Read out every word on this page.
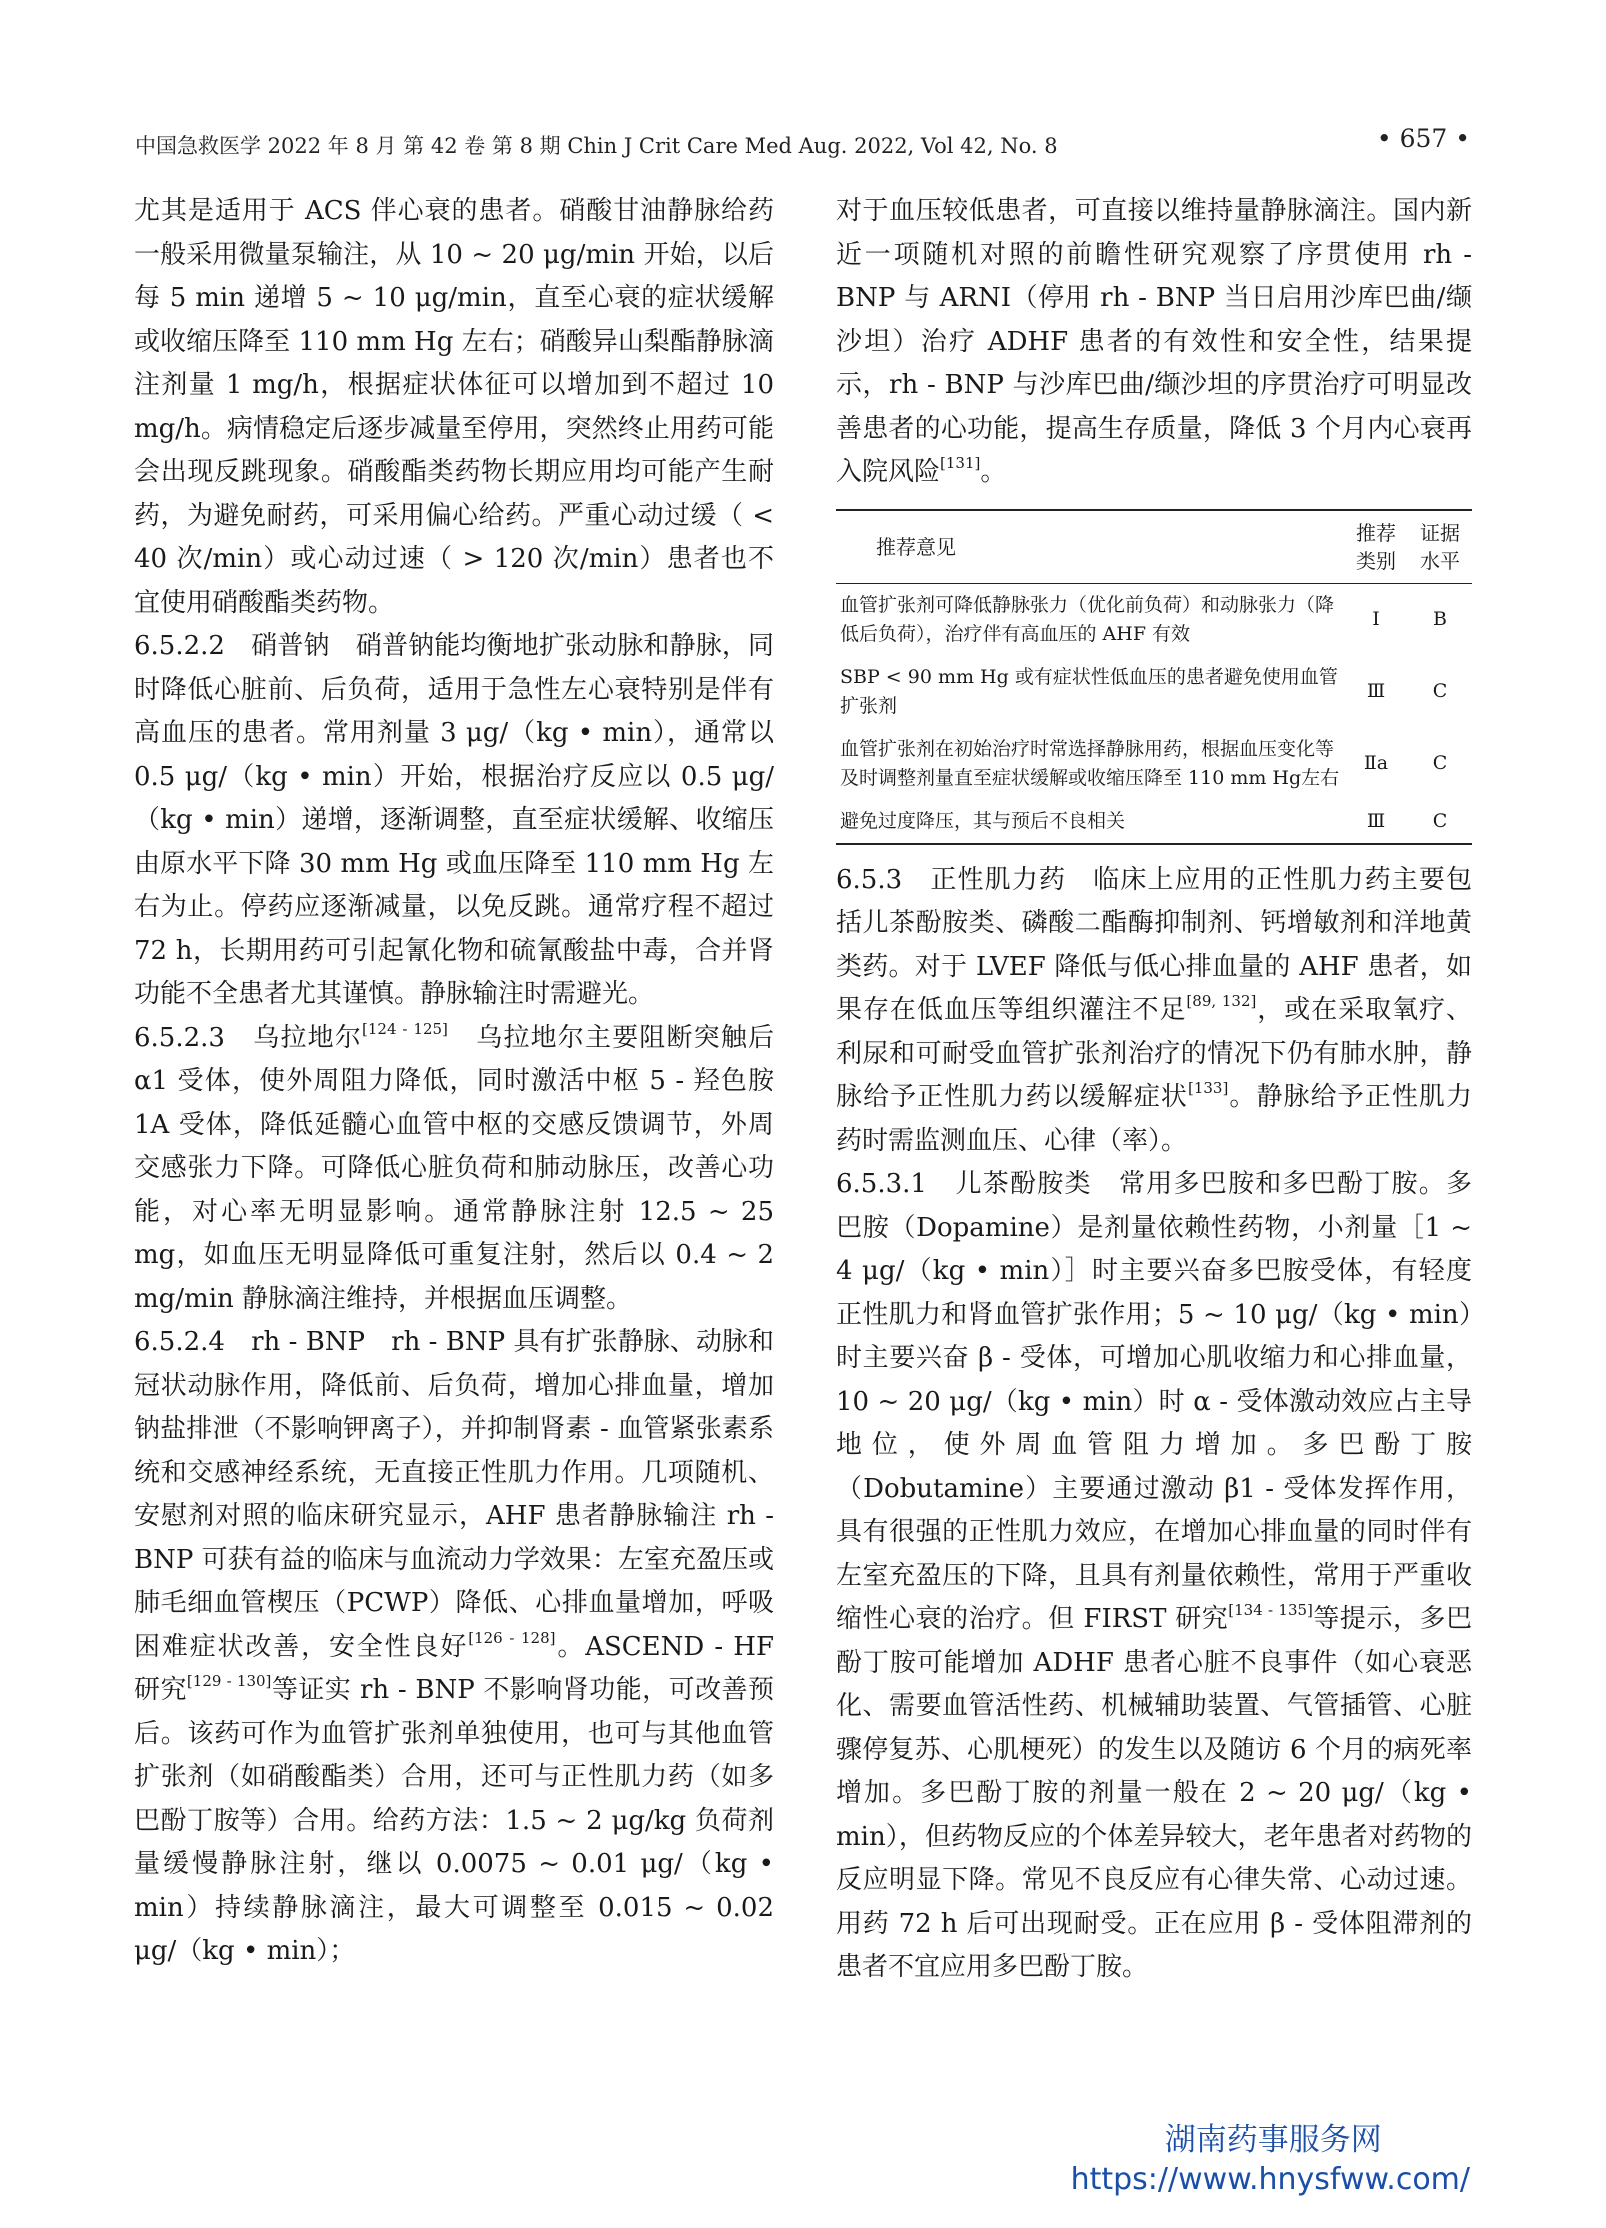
中国急救医学 2022 年 8 月 第 42 卷 第 8 期 Chin J Crit Care Med Aug. 2022, Vol 42, No. 8	• 657 •

尤其是适用于 ACS 伴心衰的患者。硝酸甘油静脉给药一般采用微量泵输注，从 10 ~ 20 μg/min 开始，以后每 5 min 递增 5 ~ 10 μg/min，直至心衰的症状缓解或收缩压降至 110 mm Hg 左右；硝酸异山梨酯静脉滴注剂量 1 mg/h，根据症状体征可以增加到不超过 10 mg/h。病情稳定后逐步减量至停用，突然终止用药可能会出现反跳现象。硝酸酯类药物长期应用均可能产生耐药，为避免耐药，可采用偏心给药。严重心动过缓（ < 40 次/min）或心动过速（ > 120 次/min）患者也不宜使用硝酸酯类药物。

6.5.2.2　硝普钠　硝普钠能均衡地扩张动脉和静脉，同时降低心脏前、后负荷，适用于急性左心衰特别是伴有高血压的患者。常用剂量 3 μg/（kg • min），通常以 0.5 μg/（kg • min）开始，根据治疗反应以 0.5 μg/（kg • min）递增，逐渐调整，直至症状缓解、收缩压由原水平下降 30 mm Hg 或血压降至 110 mm Hg 左右为止。停药应逐渐减量，以免反跳。通常疗程不超过 72 h，长期用药可引起氰化物和硫氰酸盐中毒，合并肾功能不全患者尤其谨慎。静脉输注时需避光。

6.5.2.3　乌拉地尔[124 - 125]　乌拉地尔主要阻断突触后 α1 受体，使外周阻力降低，同时激活中枢 5 - 羟色胺 1A 受体，降低延髓心血管中枢的交感反馈调节，外周交感张力下降。可降低心脏负荷和肺动脉压，改善心功能，对心率无明显影响。通常静脉注射 12.5 ~ 25 mg，如血压无明显降低可重复注射，然后以 0.4 ~ 2 mg/min 静脉滴注维持，并根据血压调整。

6.5.2.4　rh - BNP　rh - BNP 具有扩张静脉、动脉和冠状动脉作用，降低前、后负荷，增加心排血量，增加钠盐排泄（不影响钾离子），并抑制肾素 - 血管紧张素系统和交感神经系统，无直接正性肌力作用。几项随机、安慰剂对照的临床研究显示，AHF 患者静脉输注 rh - BNP 可获有益的临床与血流动力学效果：左室充盈压或肺毛细血管楔压（PCWP）降低、心排血量增加，呼吸困难症状改善，安全性良好[126 - 128]。ASCEND - HF 研究[129 - 130]等证实 rh - BNP 不影响肾功能，可改善预后。该药可作为血管扩张剂单独使用，也可与其他血管扩张剂（如硝酸酯类）合用，还可与正性肌力药（如多巴酚丁胺等）合用。给药方法：1.5 ~ 2 μg/kg 负荷剂量缓慢静脉注射，继以 0.0075 ~ 0.01 μg/（kg • min）持续静脉滴注，最大可调整至 0.015 ~ 0.02 μg/（kg • min）；

对于血压较低患者，可直接以维持量静脉滴注。国内新近一项随机对照的前瞻性研究观察了序贯使用 rh - BNP 与 ARNI（停用 rh - BNP 当日启用沙库巴曲/缬沙坦）治疗 ADHF 患者的有效性和安全性，结果提示，rh - BNP 与沙库巴曲/缬沙坦的序贯治疗可明显改善患者的心功能，提高生存质量，降低 3 个月内心衰再入院风险[131]。

推荐意见	推荐类别	证据水平
血管扩张剂可降低静脉张力（优化前负荷）和动脉张力（降低后负荷），治疗伴有高血压的 AHF 有效	Ⅰ	B
SBP < 90 mm Hg 或有症状性低血压的患者避免使用血管扩张剂	Ⅲ	C
血管扩张剂在初始治疗时常选择静脉用药，根据血压变化等及时调整剂量直至症状缓解或收缩压降至 110 mm Hg左右	Ⅱa	C
避免过度降压，其与预后不良相关	Ⅲ	C

6.5.3　正性肌力药　临床上应用的正性肌力药主要包括儿茶酚胺类、磷酸二酯酶抑制剂、钙增敏剂和洋地黄类药。对于 LVEF 降低与低心排血量的 AHF 患者，如果存在低血压等组织灌注不足[89, 132]，或在采取氧疗、利尿和可耐受血管扩张剂治疗的情况下仍有肺水肿，静脉给予正性肌力药以缓解症状[133]。静脉给予正性肌力药时需监测血压、心律（率）。

6.5.3.1　儿茶酚胺类　常用多巴胺和多巴酚丁胺。多巴胺（Dopamine）是剂量依赖性药物，小剂量［1 ~ 4 μg/（kg • min）］时主要兴奋多巴胺受体，有轻度正性肌力和肾血管扩张作用；5 ~ 10 μg/（kg • min）时主要兴奋 β - 受体，可增加心肌收缩力和心排血量，10 ~ 20 μg/（kg • min）时 α - 受体激动效应占主导地位，使外周血管阻力增加。多巴酚丁胺（Dobutamine）主要通过激动 β1 - 受体发挥作用，具有很强的正性肌力效应，在增加心排血量的同时伴有左室充盈压的下降，且具有剂量依赖性，常用于严重收缩性心衰的治疗。但 FIRST 研究[134 - 135]等提示，多巴酚丁胺可能增加 ADHF 患者心脏不良事件（如心衰恶化、需要血管活性药、机械辅助装置、气管插管、心脏骤停复苏、心肌梗死）的发生以及随访 6 个月的病死率增加。多巴酚丁胺的剂量一般在 2 ~ 20 μg/（kg • min），但药物反应的个体差异较大，老年患者对药物的反应明显下降。常见不良反应有心律失常、心动过速。用药 72 h 后可出现耐受。正在应用 β - 受体阻滞剂的患者不宜应用多巴酚丁胺。

湖南药事服务网
https://www.hnysfww.com/
